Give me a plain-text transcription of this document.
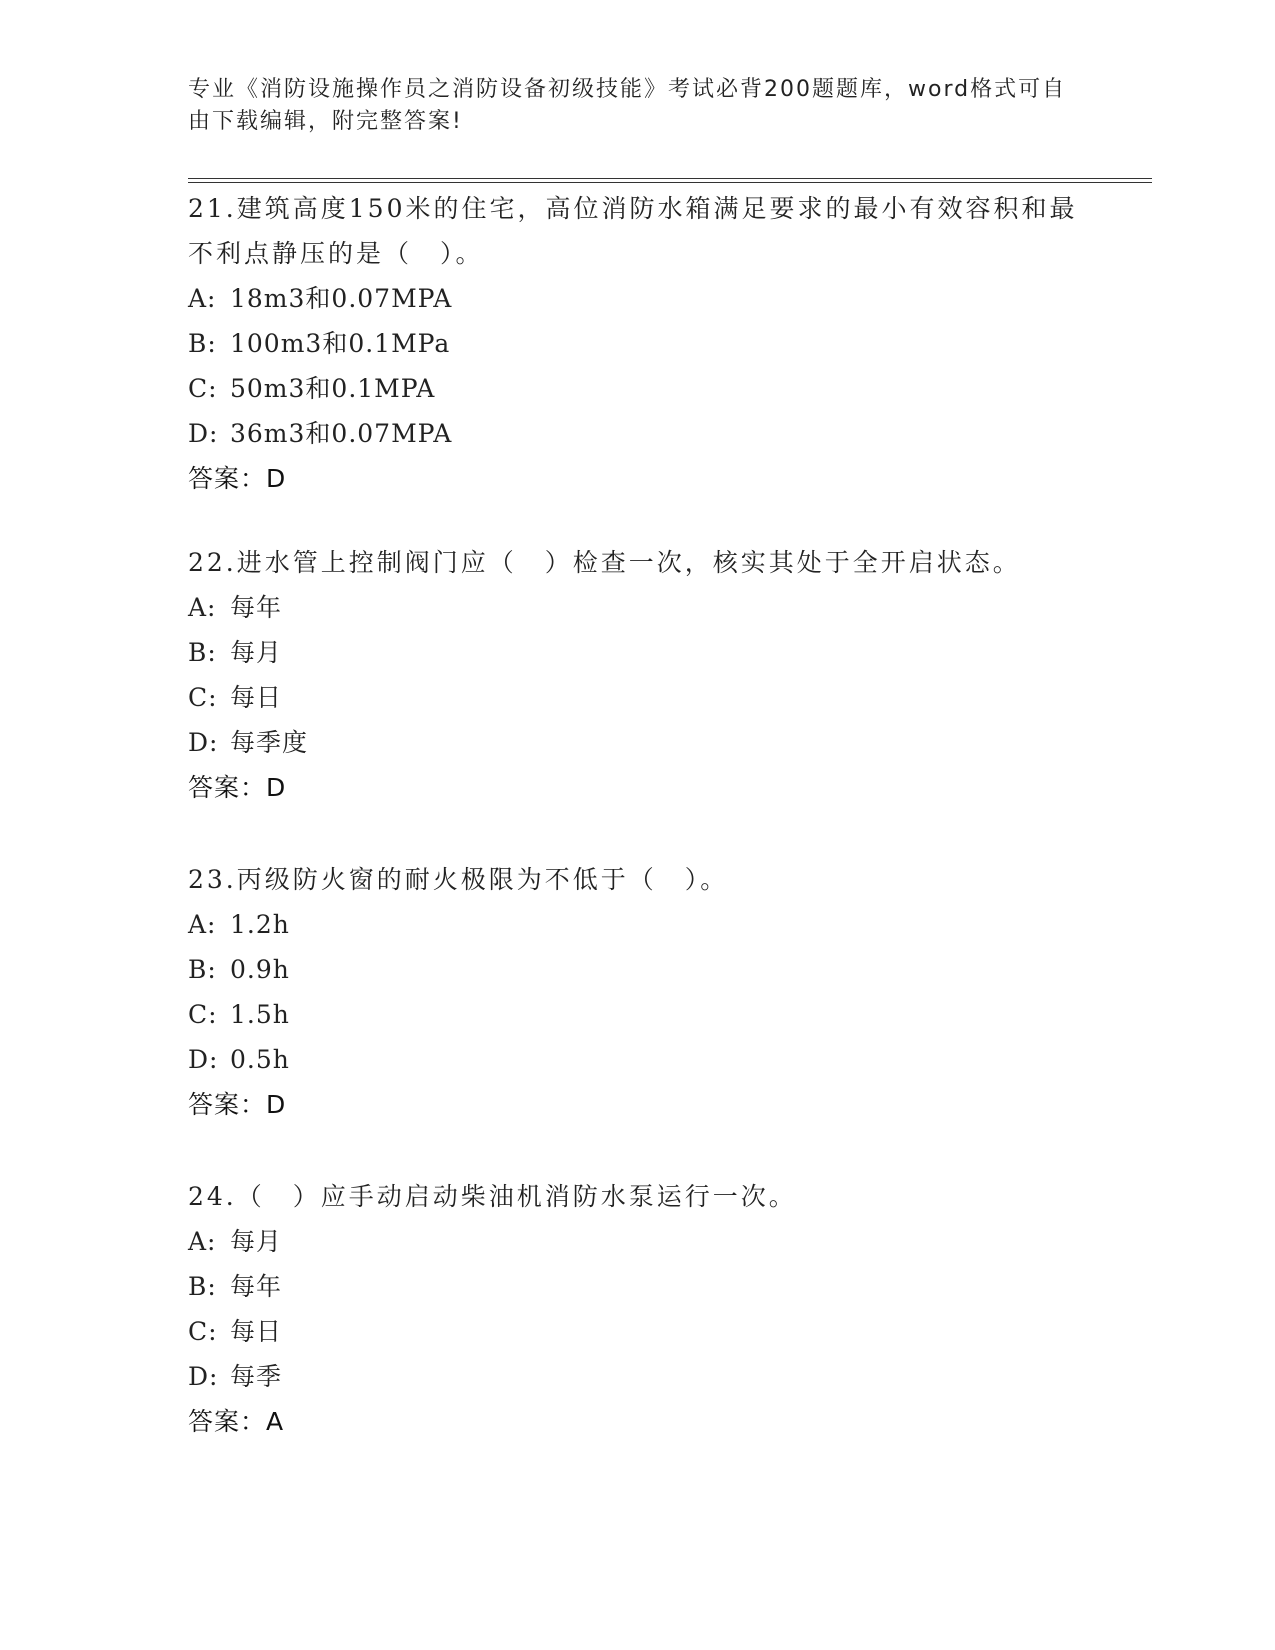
专业《消防设施操作员之消防设备初级技能》考试必背200题题库，word格式可自由下载编辑，附完整答案!

21.建筑高度150米的住宅，高位消防水箱满足要求的最小有效容积和最不利点静压的是（　）。

A: 18m3和0.07MPA

B: 100m3和0.1MPa

C: 50m3和0.1MPA

D: 36m3和0.07MPA

答案：D

22.进水管上控制阀门应（　）检查一次，核实其处于全开启状态。

A: 每年

B: 每月

C: 每日

D: 每季度

答案：D

23.丙级防火窗的耐火极限为不低于（　）。

A: 1.2h

B: 0.9h

C: 1.5h

D: 0.5h

答案：D

24.（　）应手动启动柴油机消防水泵运行一次。

A: 每月

B: 每年

C: 每日

D: 每季

答案：A
